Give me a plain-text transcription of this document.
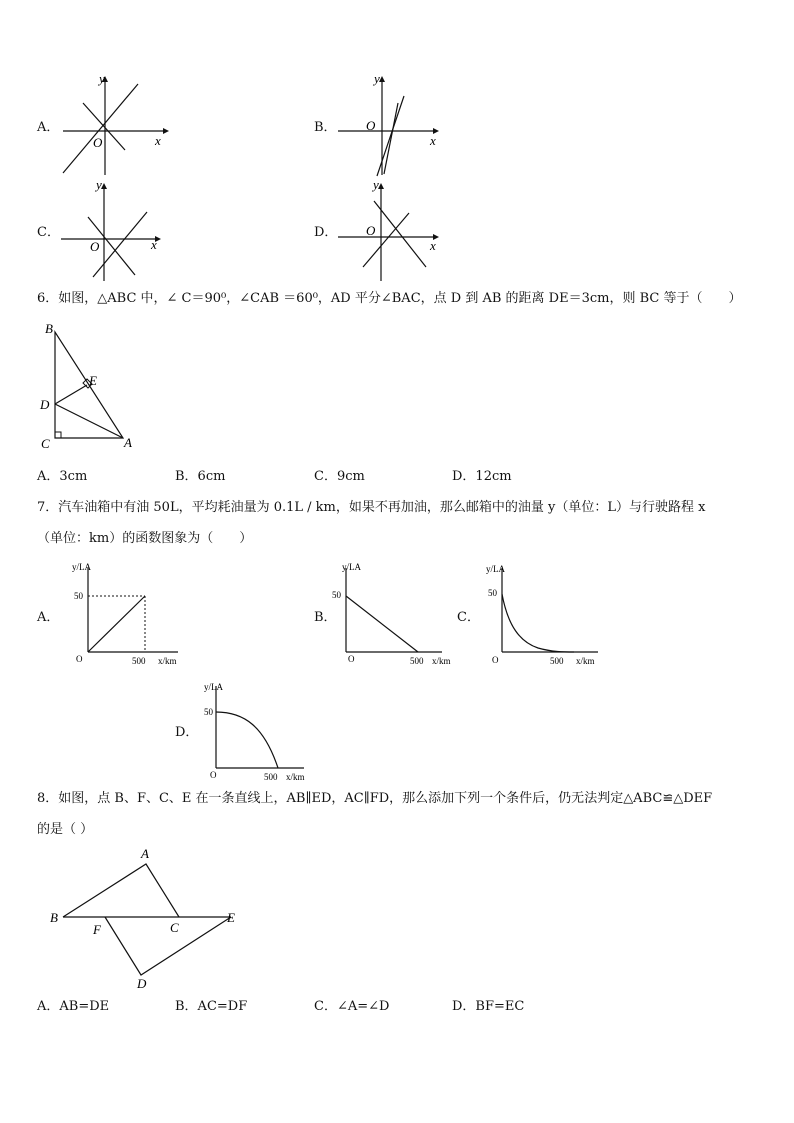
A．
y
x
O
B．
y
x
O
C．
y
x
O
D．
y
x
O
6．如图，△ABC 中，∠ C＝90⁰，∠CAB ＝60⁰，AD 平分∠BAC，点 D 到 AB 的距离 DE＝3cm，则 BC 等于（　　）
B
E
D
C	A
A．3cm	B．6cm	C．9cm	D．12cm
7．汽车油箱中有油 50L，平均耗油量为 0.1L / km，如果不再加油，那么邮箱中的油量 y（单位：L）与行驶路程 x
（单位：km）的函数图象为（　　）
A．
y/LA
50
O	500 x/km
B．
y/LA
50
O	500 x/km
C．
y/LA
50
O	500 x/km
D．
y/LA
50
O	500 x/km
8．如图，点 B、F、C、E 在一条直线上，AB∥ED，AC∥FD，那么添加下列一个条件后，仍无法判定△ABC≌△DEF
的是（ ）
A
B
F	C
E
D
A．AB=DE	B．AC=DF	C．∠A=∠D	D．BF=EC
